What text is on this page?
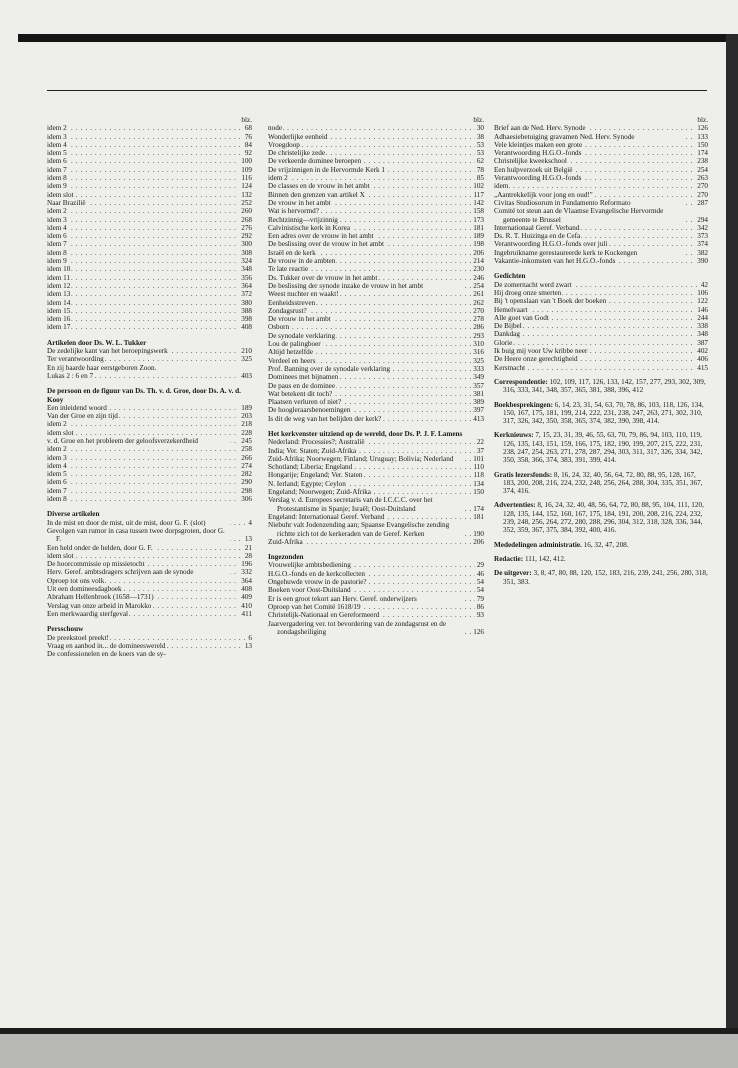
blz.
. . . idem 2	68
. . . idem 3	76
. . . idem 4	84
. . . idem 5	92
. . . idem 6	100
. . . idem 7	109
. . . idem 8	116
. . . idem 9	124
. . . idem slot	132
. . . Naar Brazilië	252
. . . idem 2	260
. . . idem 3	268
. . . idem 4	276
. . . idem 6	292
. . . idem 7	300
. . . idem 8	308
. . . idem 9	324
. . . idem 10	348
. . . idem 11	356
. . . idem 12	364
. . . idem 13	372
. . . idem 14	380
. . . idem 15	388
. . . idem 16	398
. . . idem 17	408
Artikelen door Ds. W. L. Tukker
. . . De zedelijke kant van het beroepingswerk	210
. . . Ter verantwoording	325
En zij baarde haar eerstgeboren Zoon.
. . . Lukas 2 : 6 en 7	403
De persoon en de figuur van Ds. Th. v. d. Groe, door Ds. A. v. d. Kooy
. . . Een inleidend woord	189
. . . Van der Groe en zijn tijd	203
. . . idem 2	218
. . . idem slot	228
. . . v. d. Groe en het probleem der geloofsverzekerdheid	245
. . . idem 2	258
. . . idem 3	266
. . . idem 4	274
. . . idem 5	282
. . . idem 6	290
. . . idem 7	298
. . . idem 8	306
Diverse artikelen
. . . In de mist en door de mist, uit de mist, door G. F. (slot)	4
. . . Gevolgen van rumor in casa tussen twee dorpsgroten, door G. F.	13
. . . Een held onder de helden, door G. F.	21
. . . idem slot	28
. . . De hoorcommissie op missietocht	196
. . . Herv. Geref. ambtsdragers schrijven aan de synode	332
. . . Oproep tot ons volk	364
. . . Uit een domineesdagboek	408
. . . Abraham Hellenbroek (1658—1731)	409
. . . Verslag van onze arbeid in Marokko	410
. . . Een merkwaardig sterfgeval	411
Persschouw
. . . De preekstoel preekt!	6
. . . Vraag en aanbod in... de domineeswereld	13
De confessionelen en de koers van de sy-
blz.
. . . node	30
. . . Wonderlijke eenheid	38
. . . Vroegdoop	53
. . . De christelijke zede	53
. . . De verkeerde dominee beroepen	62
. . . De vrijzinnigen in de Hervormde Kerk 1	78
. . . idem 2	85
. . . De classes en de vrouw in het ambt	102
. . . Binnen den grenzen van artikel X	117
. . . De vrouw in het ambt	142
. . . Wat is hervormd?	158
. . . Rechtzinnig—vrijzinnig	173
. . . Calvinistische kerk in Korea	181
. . . Een adres over de vrouw in het ambt	189
. . . De beslissing over de vrouw in het ambt	198
. . . Israël en de kerk	206
. . . De vrouw in de ambten	214
. . . Te late reactie	230
. . . Ds. Tukker over de vrouw in het ambt	246
. . . De beslissing der synode inzake de vrouw in het ambt	254
. . . Weest nuchter en waakt!	261
. . . Eenheidsstreven	262
. . . Zondagsrust?	270
. . . De vrouw in het ambt	278
. . . Osborn	286
. . . De synodale verklaring	293
. . . Lou de palingboer	310
. . . Altijd hetzelfde	316
. . . Verdeel en heers	325
. . . Prof. Banning over de synodale verklaring	333
. . . Dominees met bijnamen	349
. . . De paus en de dominee	357
. . . Wat betekent dit toch?	381
. . . Plaatsen verluren of niet?	389
. . . De hoogleraarsbenoemingen	397
. . . Is dit de weg van het belijden der kerk?	413
Het kerkvenster uitziend op de wereld, door Ds. P. J. F. Lamens
. . . Nederland: Processies?; Australië	22
. . . India; Ver. Staten; Zuid-Afrika	37
. . . Zuid-Afrika; Noorwegen; Finland; Uruguay; Bolivia; Nederland	101
. . . Schotland; Liberia; Engeland	110
. . . Hongarije; Engeland; Ver. Staten	118
. . . N. Ierland; Egypte; Ceylon	134
. . . Engeland; Noorwegen; Zuid-Afrika	150
. . . Verslag v. d. Europees secretaris van de I.C.C.C. over het Protestantisme in Spanje; Israël; Oost-Duitsland	174
. . . Engeland: Internationaal Geref. Verband	181
. . . Niebuhr valt Jodenzending aan; Spaanse Evangelische zending richtte zich tot de kerkeraden van de Geref. Kerken	190
. . . Zuid-Afrika	206
Ingezonden
. . . Vrouwelijke ambtsbediening	29
. . . H.G.O.-fonds en de kerkcollecten	46
. . . Ongehuwde vrouw in de pastorie?	54
. . . Boeken voor Oost-Duitsland	54
. . . Er is een groot tekort aan Herv. Geref. onderwijzers	79
. . . Oproep van het Comité 1618/19	86
. . . Christelijk-Nationaal en Gereformeerd	93
. . . Jaarvergadering ver. tot bevordering van de zondagsrust en de zondagsheiliging	126
blz.
. . . Brief aan de Ned. Herv. Synode	126
. . . Adhaesiebetuiging gravamen Ned. Herv. Synode	133
. . . Vele kleintjes maken een grote	150
. . . Verantwoording H.G.O.-fonds	174
. . . Christelijke kweekschool	238
. . . Een hulpverzoek uit België	254
. . . Verantwoording H.G.O.-fonds	263
. . . idem	270
. . . „Aantrekkelijk voor jong en oud!"	270
. . . Civitas Studiosorum in Fundamento Reformato	287
. . . Comité tot steun aan de Vlaamse Evangelische Hervormde gemeente te Brussel	294
. . . Internationaal Geref. Verband	342
. . . Ds. R. T. Huizinga en de Cefa	373
. . . Verantwoording H.G.O.-fonds over juli	374
. . . Ingebruikname gerestaureerde kerk te Kockengen	382
. . . Vakantie-inkomsten van het H.G.O.-fonds	390
Gedichten
. . . De zomernacht werd zwart	42
. . . Hij droeg onze smerten	106
. . . Bij 't openslaan van 't Boek der boeken	122
. . . Hemelvaart	146
. . . Alle goet van Godt	244
. . . De Bijbel	338
. . . Dankdag	348
. . . Glorie	387
. . . Ik buig mij voor Uw kribbe neer	402
. . . De Heere onze gerechtigheid	406
. . . Kerstnacht	415
Correspondentie: 102, 109, 117, 126, 133, 142, 157, 277, 293, 302, 309, 316, 333, 341, 348, 357, 365, 381, 388, 396, 412
Boekbesprekingen: 6, 14, 23, 31, 54, 63, 70, 78, 86, 103, 118, 126, 134, 150, 167, 175, 181, 199, 214, 222, 231, 238, 247, 263, 271, 302, 310, 317, 326, 342, 350, 358, 365, 374, 382, 390, 398, 414.
Kerknieuws: 7, 15, 23, 31, 39, 46, 55, 63, 70, 79, 86, 94, 103, 110, 119, 126, 135, 143, 151, 159, 166, 175, 182, 190, 199, 207, 215, 222, 231, 238, 247, 254, 263, 271, 278, 287, 294, 303, 311, 317, 326, 334, 342, 350, 358, 366, 374, 383, 391, 399, 414.
Gratis lezersfonds: 8, 16, 24, 32, 40, 56, 64, 72, 80, 88, 95, 128, 167, 183, 200, 208, 216, 224, 232, 248, 256, 264, 288, 304, 335, 351, 367, 374, 416.
Advertenties: 8, 16, 24, 32, 40, 48, 56, 64, 72, 80, 88, 95, 104, 111, 120, 128, 135, 144, 152, 160, 167, 175, 184, 191, 200, 208, 216, 224, 232, 239, 248, 256, 264, 272, 280, 288, 296, 304, 312, 318, 328, 336, 344, 352, 359, 367, 375, 384, 392, 400, 416.
Mededelingen administratie. 16, 32, 47, 208.
Redactie: 111, 142, 412.
De uitgever: 3, 8, 47, 80, 88, 120, 152, 183, 216, 239, 241, 256, 280, 318, 351, 383.
